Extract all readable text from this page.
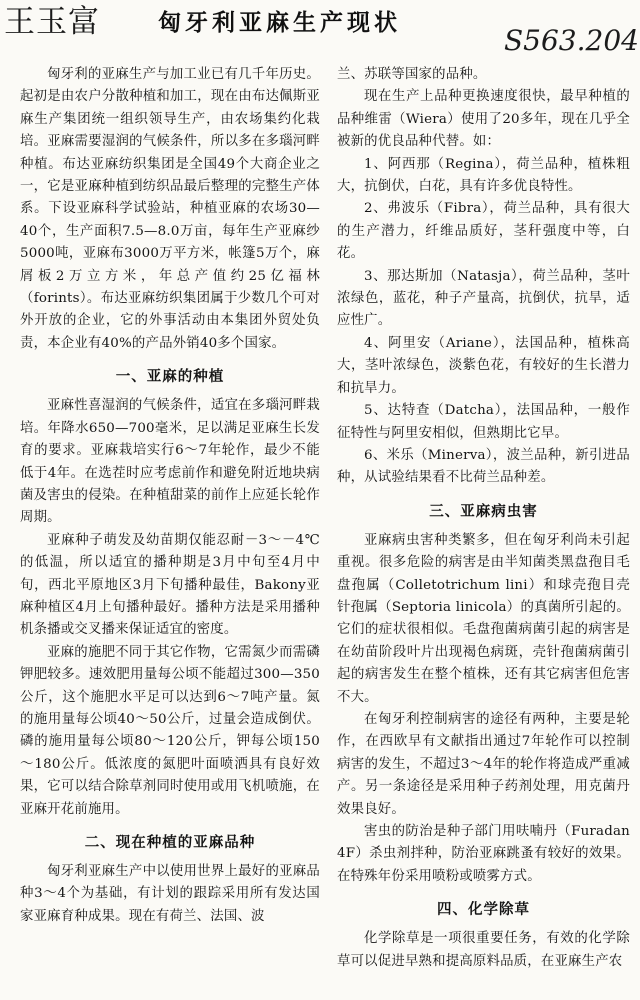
王玉富	匈牙利亚麻生产现状
S563.204

匈牙利的亚麻生产与加工业已有几千年历史。起初是由农户分散种植和加工，现在由布达佩斯亚麻生产集团统一组织领导生产，由农场集约化栽培。亚麻需要湿润的气候条件，所以多在多瑙河畔种植。布达亚麻纺织集团是全国49个大商企业之一，它是亚麻种植到纺织品最后整理的完整生产体系。下设亚麻科学试验站，种植亚麻的农场30—40个，生产面积7.5—8.0万亩，每年生产亚麻纱5000吨，亚麻布3000万平方米，帐篷5万个，麻屑板2万立方米，年总产值约25亿福林（forints）。布达亚麻纺织集团属于少数几个可对外开放的企业，它的外事活动由本集团外贸处负责，本企业有40%的产品外销40多个国家。

一、亚麻的种植

亚麻性喜湿润的气候条件，适宜在多瑙河畔栽培。年降水650—700毫米，足以满足亚麻生长发育的要求。亚麻栽培实行6～7年轮作，最少不能低于4年。在选茬时应考虑前作和避免附近地块病菌及害虫的侵染。在种植甜菜的前作上应延长轮作周期。

亚麻种子萌发及幼苗期仅能忍耐－3～－4℃的低温，所以适宜的播种期是3月中旬至4月中旬，西北平原地区3月下旬播种最佳，Bakony亚麻种植区4月上旬播种最好。播种方法是采用播种机条播或交叉播来保证适宜的密度。

亚麻的施肥不同于其它作物，它需氮少而需磷钾肥较多。速效肥用量每公顷不能超过300—350公斤，这个施肥水平足可以达到6～7吨产量。氮的施用量每公顷40～50公斤，过量会造成倒伏。磷的施用量每公顷80～120公斤，钾每公顷150～180公斤。低浓度的氮肥叶面喷洒具有良好效果，它可以结合除草剂同时使用或用飞机喷施，在亚麻开花前施用。

二、现在种植的亚麻品种

匈牙利亚麻生产中以使用世界上最好的亚麻品种3～4个为基础，有计划的跟踪采用所有发达国家亚麻育种成果。现在有荷兰、法国、波

兰、苏联等国家的品种。

现在生产上品种更换速度很快，最早种植的品种维雷（Wiera）使用了20多年，现在几乎全被新的优良品种代替。如：

1、阿西那（Regina），荷兰品种，植株粗大，抗倒伏，白花，具有许多优良特性。

2、弗波乐（Fibra），荷兰品种，具有很大的生产潜力，纤维品质好，茎秆强度中等，白花。

3、那达斯加（Natasja），荷兰品种，茎叶浓绿色，蓝花，种子产量高，抗倒伏，抗旱，适应性广。

4、阿里安（Ariane），法国品种，植株高大，茎叶浓绿色，淡紫色花，有较好的生长潜力和抗旱力。

5、达特查（Datcha），法国品种，一般作征特性与阿里安相似，但熟期比它早。

6、米乐（Minerva），波兰品种，新引进品种，从试验结果看不比荷兰品种差。

三、亚麻病虫害

亚麻病虫害种类繁多，但在匈牙利尚未引起重视。很多危险的病害是由半知菌类黑盘孢目毛盘孢属（Colletotrichum lini）和球壳孢目壳针孢属（Septoria linicola）的真菌所引起的。它们的症状很相似。毛盘孢菌病菌引起的病害是在幼苗阶段叶片出现褐色病斑，壳针孢菌病菌引起的病害发生在整个植株，还有其它病害但危害不大。

在匈牙利控制病害的途径有两种，主要是轮作，在西欧早有文献指出通过7年轮作可以控制病害的发生，不超过3～4年的轮作将造成严重减产。另一条途径是采用种子药剂处理，用克菌丹效果良好。

害虫的防治是种子部门用呋喃丹（Furadan 4F）杀虫剂拌种，防治亚麻跳蚤有较好的效果。在特殊年份采用喷粉或喷雾方式。

四、化学除草

化学除草是一项很重要任务，有效的化学除草可以促进早熟和提高原料品质，在亚麻生产农
